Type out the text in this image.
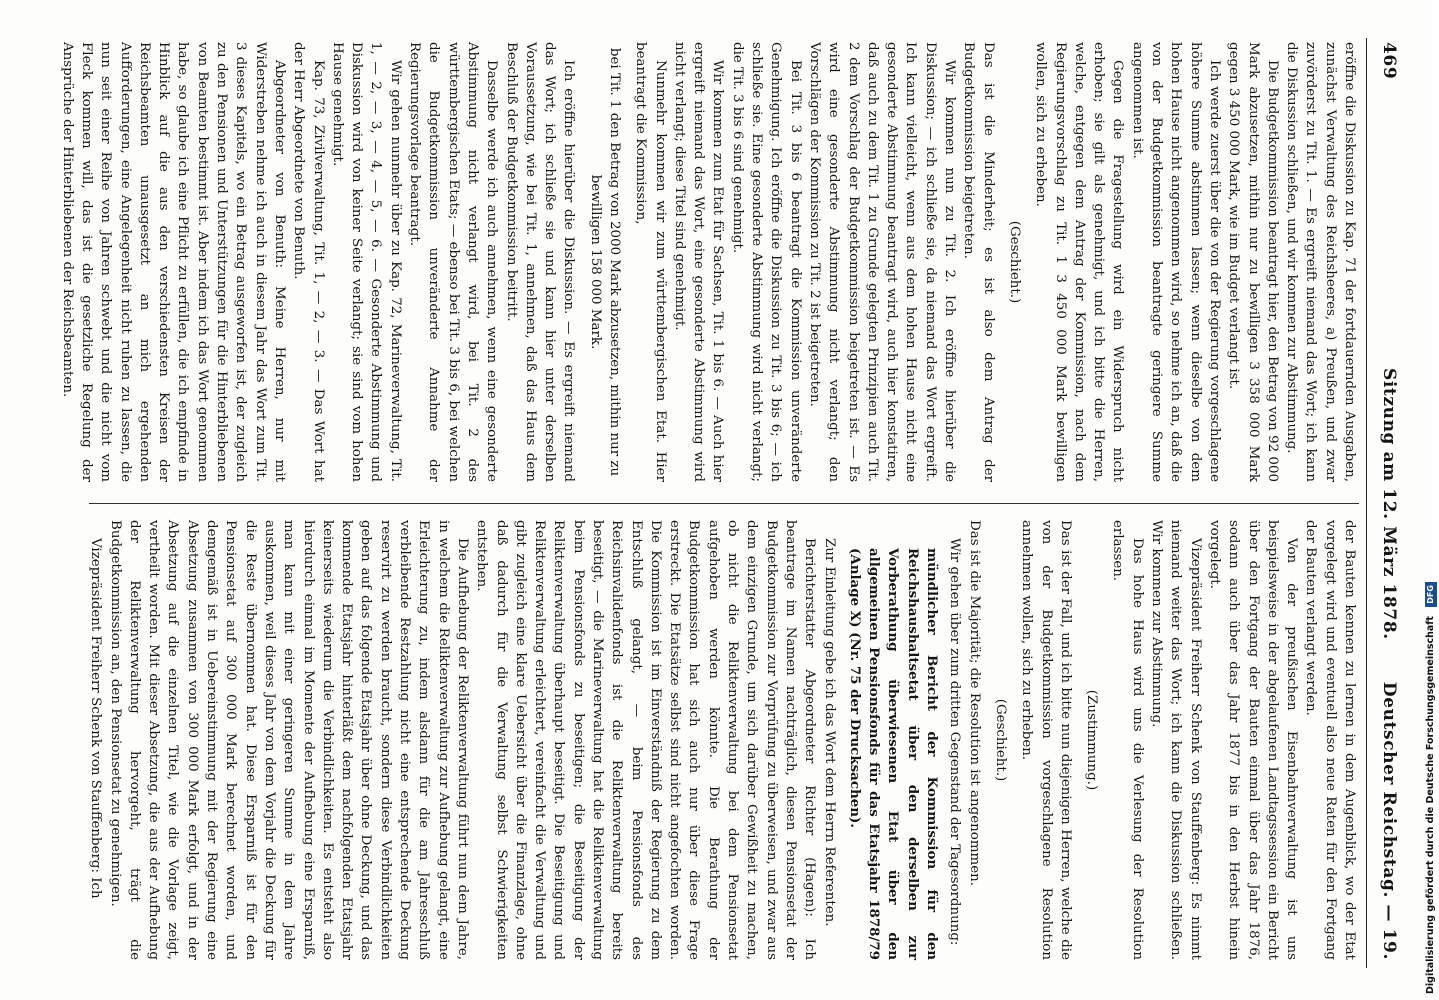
469
Sitzung am 12. März 1878.
Deutscher Reichstag. — 19.

eröffne die Diskussion zu Kap. 71 der fortdauernden Ausgaben, zunächst Verwaltung des Reichsheeres, a) Preußen, und zwar zuvörderst zu Tit. 1. — Es ergreift niemand das Wort; ich kann die Diskussion schließen, und wir kommen zur Abstimmung.

Die Budgetkommission beantragt hier, den Betrag von 92 000 Mark abzusetzen, mithin nur zu bewilligen 3 358 000 Mark gegen 3 450 000 Mark, wie im Budget verlangt ist.

Ich werde zuerst über die von der Regierung vorgeschlagene höhere Summe abstimmen lassen; wenn dieselbe von dem hohen Hause nicht angenommen wird, so nehme ich an, daß die von der Budgetkommission beantragte geringere Summe angenommen ist.

Gegen die Fragestellung wird ein Widerspruch nicht erhoben; sie gilt als genehmigt, und ich bitte die Herren, welche, entgegen dem Antrag der Kommission, nach dem Regierungsvorschlag zu Tit. 1 3 450 000 Mark bewilligen wollen, sich zu erheben.

(Geschieht.)

Das ist die Minderheit; es ist also dem Antrag der Budgetkommission beigetreten.

Wir kommen nun zu Tit. 2. Ich eröffne hierüber die Diskussion; — ich schließe sie, da niemand das Wort ergreift. Ich kann vielleicht, wenn aus dem hohen Hause nicht eine gesonderte Abstimmung beantragt wird, auch hier konstatiren, daß auch zu dem Tit. 1 zu Grunde gelegten Prinzipien auch Tit. 2 dem Vorschlag der Budgetkommission beigetreten ist. — Es wird eine gesonderte Abstimmung nicht verlangt; den Vorschlägen der Kommission zu Tit. 2 ist beigetreten.

Bei Tit. 3 bis 6 beantragt die Kommission unveränderte Genehmigung. Ich eröffne die Diskussion zu Tit. 3 bis 6; — ich schließe sie. Eine gesonderte Abstimmung wird nicht verlangt; die Tit. 3 bis 6 sind genehmigt.

Wir kommen zum Etat für Sachsen, Tit. 1 bis 6. — Auch hier ergreift niemand das Wort, eine gesonderte Abstimmung wird nicht verlangt; diese Titel sind genehmigt.

Nunmehr kommen wir zum württembergischen Etat. Hier beantragt die Kommission,

bei Tit. 1 den Betrag von 2000 Mark abzusetzen, mithin nur zu bewilligen 158 000 Mark.

Ich eröffne hierüber die Diskussion. — Es ergreift niemand das Wort; ich schließe sie und kann hier unter derselben Voraussetzung, wie bei Tit. 1, annehmen, daß das Haus dem Beschluß der Budgetkommission beitritt.

Dasselbe werde ich auch annehmen, wenn eine gesonderte Abstimmung nicht verlangt wird, bei Tit. 2 des württembergischen Etats; — ebenso bei Tit. 3 bis 6, bei welchen die Budgetkommission unveränderte Annahme der Regierungsvorlage beantragt.

Wir gehen nunmehr über zu Kap. 72, Marineverwaltung, Tit. 1, — 2, — 3, — 4, — 5, — 6. — Gesonderte Abstimmung und Diskussion wird von keiner Seite verlangt; sie sind vom hohen Hause genehmigt.

Kap. 73, Zivilverwaltung, Tit. 1, — 2, — 3. — Das Wort hat der Herr Abgeordnete von Benuth.

Abgeordneter von Benuth: Meine Herren, nur mit Widerstreben nehme ich auch in diesem Jahr das Wort zum Tit. 3 dieses Kapitels, wo ein Betrag ausgeworfen ist, der zugleich zu den Pensionen und Unterstützungen für die Hinterbliebenen von Beamten bestimmt ist. Aber indem ich das Wort genommen habe, so glaube ich eine Pflicht zu erfüllen, die ich empfinde in Hinblick auf die aus den verschiedensten Kreisen der Reichsbeamten unausgesetzt an mich ergehenden Aufforderungen, eine Angelegenheit nicht ruhen zu lassen, die nun seit einer Reihe von Jahren schwebt und die nicht vom Fleck kommen will, das ist die gesetzliche Regelung der Ansprüche der Hinterbliebenen der Reichsbeamten.

der Bauten kennen zu lernen in dem Augenblick, wo der Etat vorgelegt wird und eventuell also neue Raten für den Fortgang der Bauten verlangt werden.

Von der preußischen Eisenbahnverwaltung ist uns beispielsweise in der abgelaufenen Landtagssession ein Bericht über den Fortgang der Bauten einmal über das Jahr 1876, sodann auch über das Jahr 1877 bis in den Herbst hinein vorgelegt.

Vizepräsident Freiherr Schenk von Stauffenberg: Es nimmt niemand weiter das Wort; ich kann die Diskussion schließen. Wir kommen zur Abstimmung.

Das hohe Haus wird uns die Verlesung der Resolution erlassen.

(Zustimmung.)

Das ist der Fall, und ich bitte nun diejenigen Herren, welche die von der Budgetkommission vorgeschlagene Resolution annehmen wollen, sich zu erheben.

(Geschieht.)

Das ist die Majorität; die Resolution ist angenommen.

Wir gehen über zum dritten Gegenstand der Tagesordnung:

mündlicher Bericht der Kommission für den Reichshaushaltsetat über den derselben zur Vorberathung überwiesenen Etat über den allgemeinen Pensionsfonds für das Etatsjahr 1878/79 (Anlage X) (Nr. 75 der Drucksachen).

Zur Einleitung gebe ich das Wort dem Herrn Referenten.

Berichterstatter Abgeordneter Richter (Hagen): Ich beantrage im Namen nachträglich, diesen Pensionsetat der Budgetkommission zur Vorprüfung zu überweisen, und zwar aus dem einzigen Grunde, um sich darüber Gewißheit zu machen, ob nicht die Reliktenverwaltung bei dem Pensionsetat aufgehoben werden könnte. Die Berathung der Budgetkommission hat sich auch nur über diese Frage erstreckt. Die Etatsätze selbst sind nicht angefochten worden. Die Kommission ist im Einverständniß der Regierung zu dem Entschluß gelangt, — beim Pensionsfonds des Reichsinvalidenfonds ist die Reliktenverwaltung bereits beseitigt, — die Marineverwaltung hat die Reliktenverwaltung beim Pensionsfonds zu beseitigen; die Beseitigung der Reliktenverwaltung überhaupt beseitigt. Die Beseitigung und Reliktenverwaltung erleichtert, vereinfacht die Verwaltung und gibt zugleich eine klare Uebersicht über die Finanzlage, ohne daß dadurch für die Verwaltung selbst Schwierigkeiten entstehen.

Die Aufhebung der Reliktenverwaltung führt nun dem Jahre, in welchem die Reliktenverwaltung zur Aufhebung gelangt, eine Erleichterung zu, indem alsdann für die am Jahresschluß verbleibende Restzahlung nicht eine entsprechende Deckung reservirt zu werden braucht, sondern diese Verbindlichkeiten geben auf das folgende Etatsjahr über ohne Deckung, und das kommende Etatsjahr hinterläßt dem nachfolgenden Etatsjahr keinerseits wiederum die Verbindlichkeiten. Es entsteht also hierdurch einmal im Momente der Aufhebung eine Ersparniß, man kann mit einer geringeren Summe in dem Jahre auskommen, weil dieses Jahr von dem Vorjahr die Deckung für die Reste übernommen hat. Diese Ersparniß ist für den Pensionsetat auf 300 000 Mark berechnet worden, und demgemäß ist in Uebereinstimmung mit der Regierung eine Absetzung zusammen von 300 000 Mark erfolgt, und in der Absetzung auf die einzelnen Titel, wie die Vorlage zeigt, vertheilt worden. Mit dieser Absetzung, die aus der Aufhebung der Reliktenverwaltung hervorgeht, trägt die Budgetkommission an, den Pensionsetat zu genehmigen.

Vizepräsident Freiherr Schenk von Stauffenberg: Ich	Digitalisierung gefördert durch die Deutsche Forschungsgemeinschaft DFG
